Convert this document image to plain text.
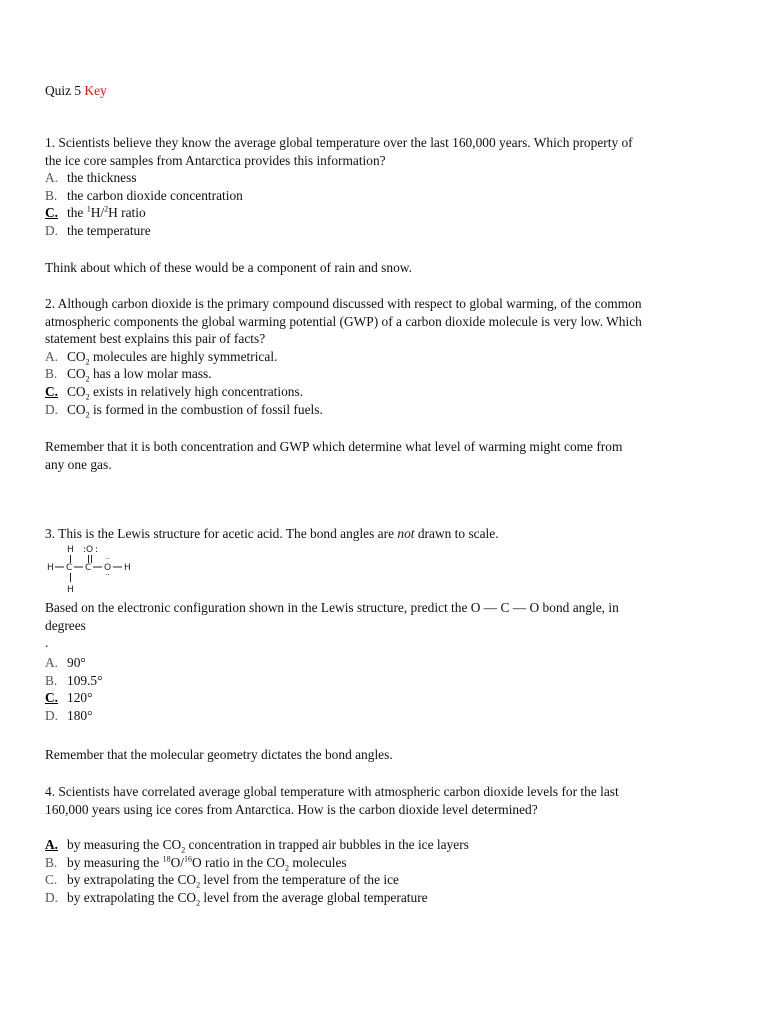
Quiz 5 Key
1. Scientists believe they know the average global temperature over the last 160,000 years. Which property of
the ice core samples from Antarctica provides this information?
A. the thickness
B. the carbon dioxide concentration
C. the $^1$H/$^2$H ratio
D. the temperature
Think about which of these would be a component of rain and snow.
2. Although carbon dioxide is the primary compound discussed with respect to global warming, of the common
atmospheric components the global warming potential (GWP) of a carbon dioxide molecule is very low. Which
statement best explains this pair of facts?
A. $CO_2$ molecules are highly symmetrical.
B. $CO_2$ has a low molar mass.
C. $CO_2$ exists in relatively high concentrations.
D. $CO_2$ is formed in the combustion of fossil fuels.
Remember that it is both concentration and GWP which determine what level of warming might come from
any one gas.
3. This is the Lewis structure for acetic acid. The bond angles are not drawn to scale.
H : O :
H C C
··
O
··
H
H
Based on the electronic configuration shown in the Lewis structure, predict the O — C — O bond angle, in
degrees
.
A. 90°
B. 109.5°
C. 120°
D. 180°
Remember that the molecular geometry dictates the bond angles.
4. Scientists have correlated average global temperature with atmospheric carbon dioxide levels for the last
160,000 years using ice cores from Antarctica. How is the carbon dioxide level determined?
A. by measuring the $CO_2$ concentration in trapped air bubbles in the ice layers
B. by measuring the $^{18}$O/$^{16}$O ratio in the $CO_2$ molecules
C. by extrapolating the $CO_2$ level from the temperature of the ice
D. by extrapolating the $CO_2$ level from the average global temperature
